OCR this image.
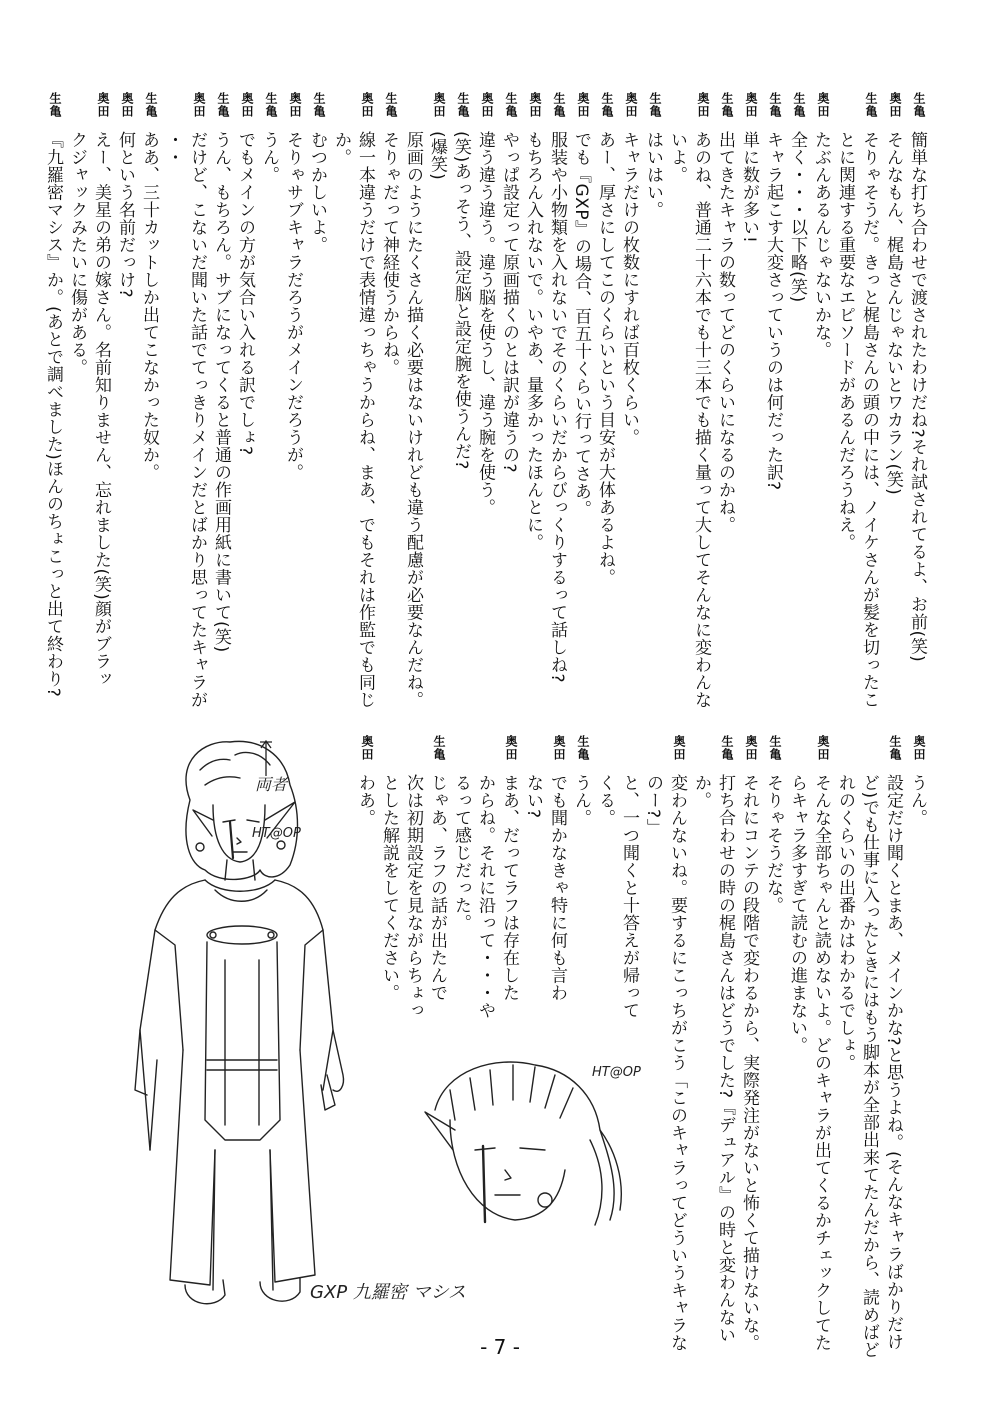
生亀
簡単な打ち合わせで渡されたわけだね?それ試されてるよ、お前(笑)
奥田
そんなもん、梶島さんじゃないとワカラン(笑)
生亀
そりゃそうだ。きっと梶島さんの頭の中には、ノイケさんが髪を切ったこ
とに関連する重要なエピソードがあるんだろうねえ。
奥田
たぶんあるんじゃないかな。
生亀
全く・・・以下略(笑)
生亀
キャラ起こす大変さっていうのは何だった訳?
奥田
単に数が多い!
生亀
出てきたキャラの数ってどのくらいになるのかね。
奥田
あのね、普通二十六本でも十三本でも描く量って大してそんなに変わんな
いよ。
生亀
はいはい。
奥田
キャラだけの枚数にすれば百枚くらい。
生亀
あー、厚さにしてこのくらいという目安が大体あるよね。
奥田
でも『GXP』の場合、百五十くらい行ってさあ。
生亀
服装や小物類を入れないでそのくらいだからびっくりするって話しね?
奥田
もちろん入れないで。いやあ、量多かったほんとに。
生亀
やっぱ設定って原画描くのとは訳が違うの?
奥田
違う違う違う。違う脳を使うし、違う腕を使う。
生亀
(笑)あっそう、設定脳と設定腕を使うんだ?
奥田
(爆笑)
原画のようにたくさん描く必要はないけれども違う配慮が必要なんだね。
生亀
そりゃだって神経使うからね。
奥田
線一本違うだけで表情違っちゃうからね、まあ、でもそれは作監でも同じ
か。
生亀
むつかしいよ。
奥田
そりゃサブキャラだろうがメインだろうが。
生亀
うん。
奥田
でもメインの方が気合い入れる訳でしょ?
生亀
うん、もちろん。サブになってくると普通の作画用紙に書いて(笑)
奥田
だけど、こないだ聞いた話でてっきりメインだとばかり思ってたキャラが
・・
生亀
ああ、三十カットしか出てこなかった奴か。
奥田
何という名前だっけ?
奥田
えー、美星の弟の嫁さん。名前知りません、忘れました(笑)顔がブラッ
クジャックみたいに傷がある。
生亀
『九羅密マシス』か。(あとで調べました)ほんのちょこっと出て終わり?
奥田
うん。
生亀
設定だけ聞くとまあ、メインかな?と思うよね。(そんなキャラばかりだけ
ど)でも仕事に入ったときにはもう脚本が全部出来てたんだから、読めばど
れのくらいの出番かはわかるでしょ。
奥田
そんな全部ちゃんと読めないよ。どのキャラが出てくるかチェックしてた
らキャラ多すぎて読むの進まない。
生亀
そりゃそうだな。
奥田
それにコンテの段階で変わるから、実際発注がないと怖くて描けないな。
生亀
打ち合わせの時の梶島さんはどうでした?『デュアル』の時と変わんない
か。
奥田
変わんないね。要するにこっちがこう「このキャラってどういうキャラな
のー?」
と、一つ聞くと十答えが帰って
くる。
生亀
うん。
奥田
でも聞かなきゃ特に何も言わ
ない?
奥田
まあ、だってラフは存在した
からね。それに沿って・・・や
るって感じだった。
生亀
じゃあ、ラフの話が出たんで
次は初期設定を見ながらちょっ
とした解説をしてください。
奥田
わあ。
両者
HT@OP
HT@OP
GXP 九羅密 マシス
- 7 -
